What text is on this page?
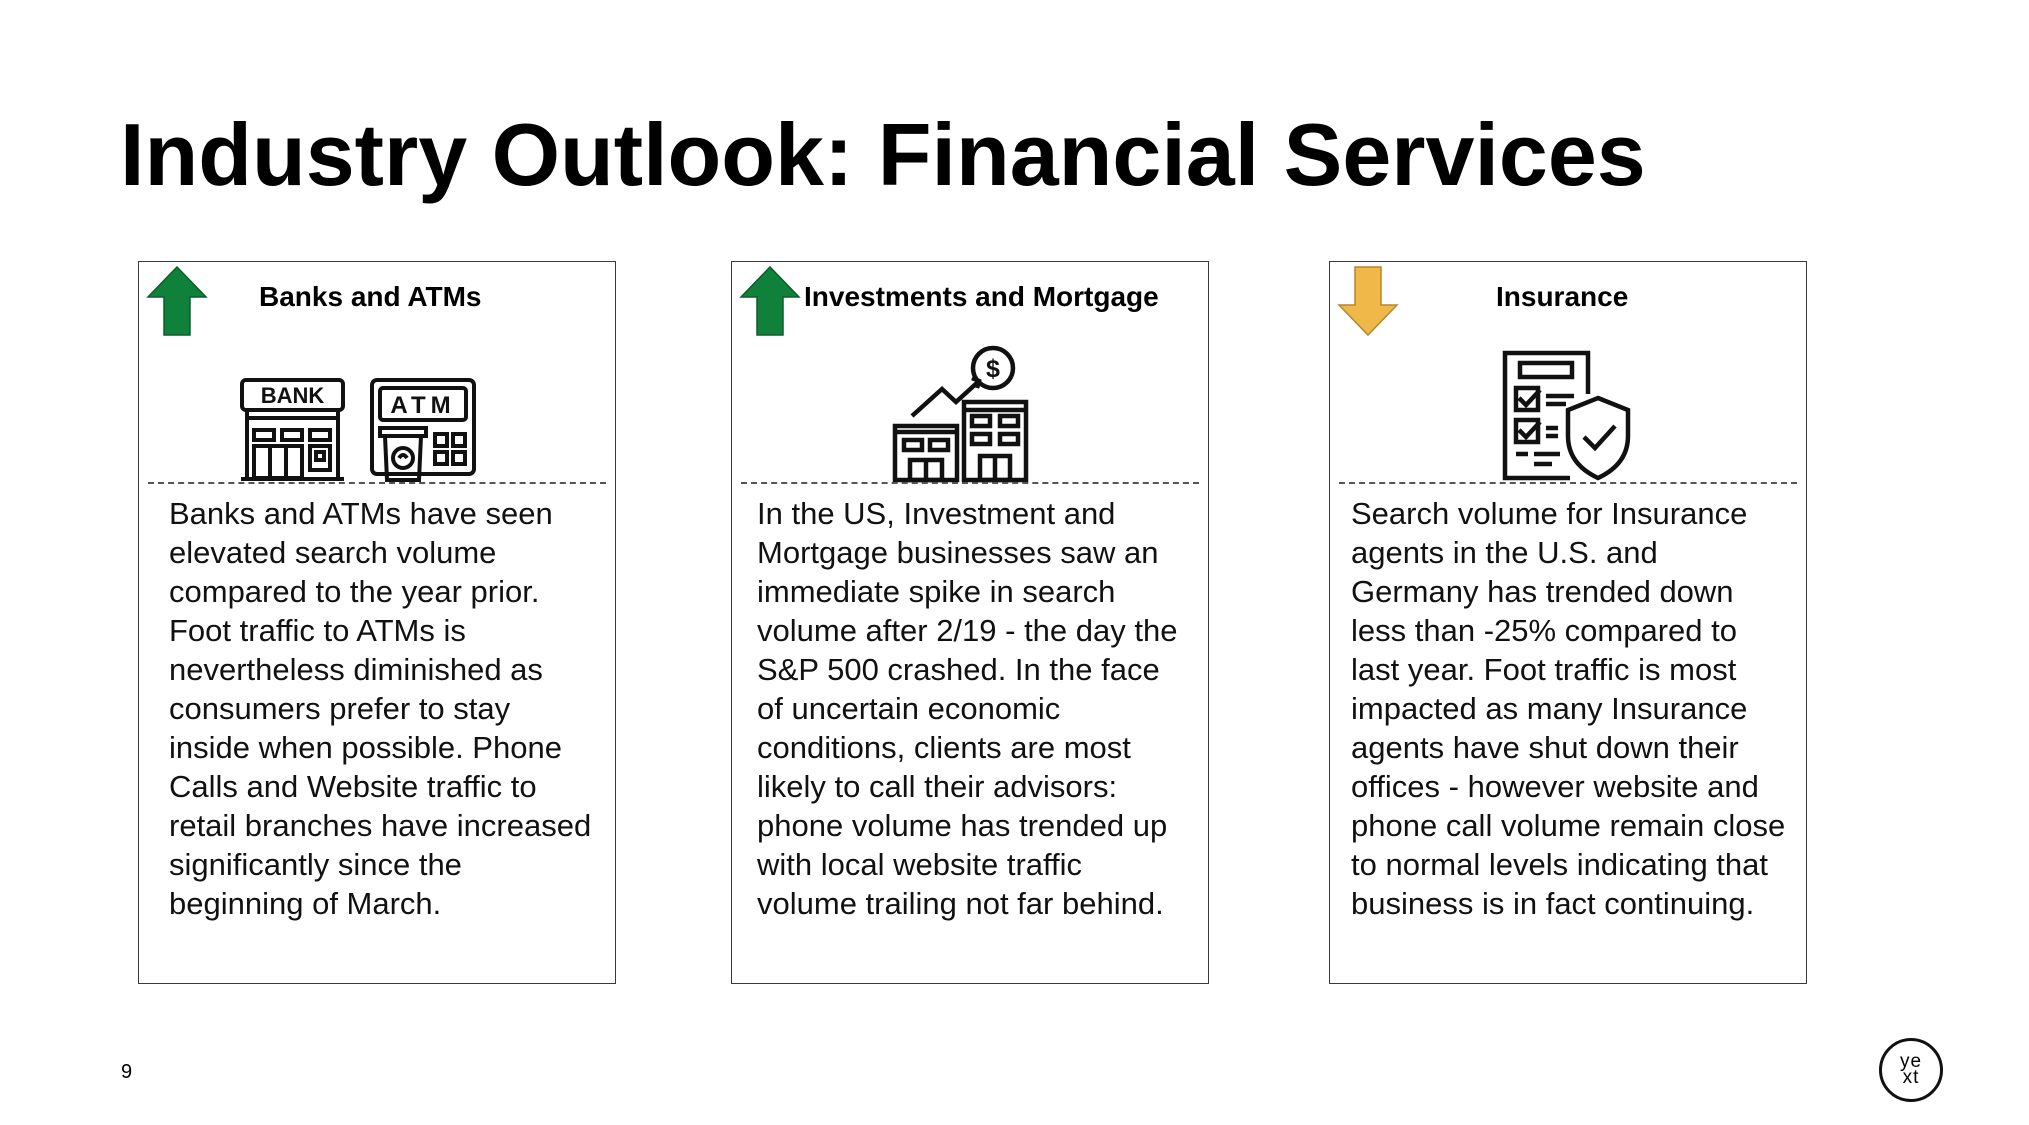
Industry Outlook: Financial Services
Banks and ATMs
BANK	ATM

Banks and ATMs have seen elevated search volume compared to the year prior. Foot traffic to ATMs is nevertheless diminished as consumers prefer to stay inside when possible. Phone Calls and Website traffic to retail branches have increased significantly since the beginning of March.

Investments and Mortgage
$

In the US, Investment and Mortgage businesses saw an immediate spike in search volume after 2/19 - the day the S&P 500 crashed. In the face of uncertain economic conditions, clients are most likely to call their advisors: phone volume has trended up with local website traffic volume trailing not far behind.

Insurance

Search volume for Insurance agents in the U.S. and Germany has trended down less than -25% compared to last year. Foot traffic is most impacted as many Insurance agents have shut down their offices - however website and phone call volume remain close to normal levels indicating that business is in fact continuing.

9	ye
xt
